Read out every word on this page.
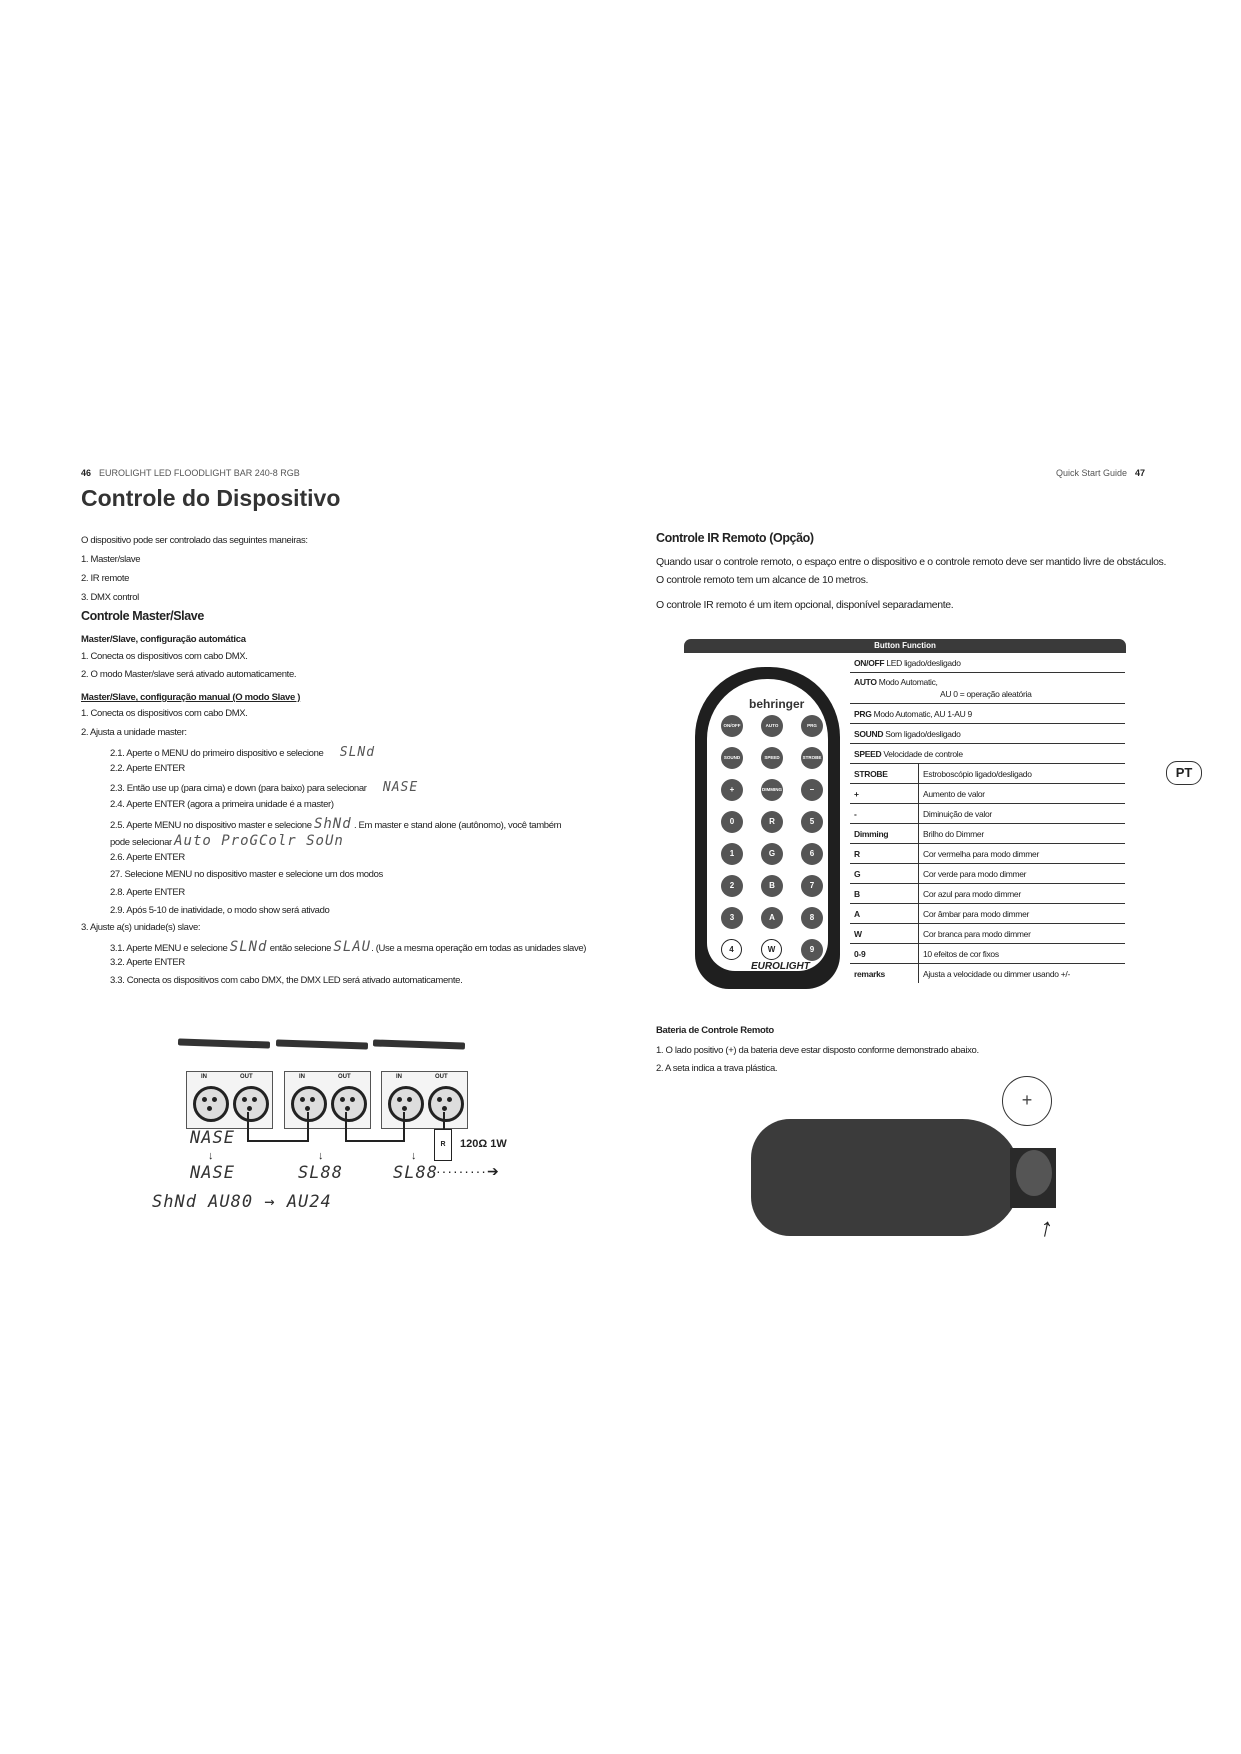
46 EUROLIGHT LED FLOODLIGHT BAR 240-8 RGB	Quick Start Guide 47
Controle do Dispositivo
O dispositivo pode ser controlado das seguintes maneiras:
1. Master/slave
2. IR remote
3. DMX control
Controle Master/Slave
Master/Slave, configuração automática
1. Conecta os dispositivos com cabo DMX.
2. O modo Master/slave será ativado automaticamente.
Master/Slave, configuração manual (O modo Slave )
1. Conecta os dispositivos com cabo DMX.
2. Ajusta a unidade master:
2.1. Aperte o MENU do primeiro dispositivo e selecione SLNd
2.2. Aperte ENTER
2.3. Então use up (para cima) e down (para baixo) para selecionar NASE
2.4. Aperte ENTER (agora a primeira unidade é a master)
2.5. Aperte MENU no dispositivo master e selecione ShNd . Em master e stand alone (autônomo), você também
pode selecionar Auto ProGColr SoUn
2.6. Aperte ENTER
27. Selecione MENU no dispositivo master e selecione um dos modos
2.8. Aperte ENTER
2.9. Após 5-10 de inatividade, o modo show será ativado
3. Ajuste a(s) unidade(s) slave:
3.1. Aperte MENU e selecione SLNd então selecione SLAU. (Use a mesma operação em todas as unidades slave)
3.2. Aperte ENTER
3.3. Conecta os dispositivos com cabo DMX, the DMX LED será ativado automaticamente.
IN	OUT	IN	OUT	IN	OUT
R	120Ω 1W
NASE
↓	↓	↓
NASE	SL88	SL88
·········➔
ShNd AU80 → AU24
Controle IR Remoto (Opção)
Quando usar o controle remoto, o espaço entre o dispositivo e o controle remoto deve ser mantido livre de obstáculos.
O controle remoto tem um alcance de 10 metros.
O controle IR remoto é um item opcional, disponível separadamente.
Button Function
ON/OFF LED ligado/desligado	
AUTO Modo Automatic,
AU 0 = operação aleatória	
PRG Modo Automatic, AU 1-AU 9	
SOUND Som ligado/desligado	
SPEED Velocidade de controle	
STROBE	Estroboscópio ligado/desligado
+	Aumento de valor
-	Diminuição de valor
Dimming	Brilho do Dimmer
R	Cor vermelha para modo dimmer
G	Cor verde para modo dimmer
B	Cor azul para modo dimmer
A	Cor âmbar para modo dimmer
W	Cor branca para modo dimmer
0-9	10 efeitos de cor fixos
remarks	Ajusta a velocidade ou dimmer usando +/-
behringer
ON/OFF	AUTO	PRG
SOUND	SPEED	STROBE
+	DIMMING	–
0	R	5
1	G	6
2	B	7
3	A	8
4	W	9
EUROLIGHT
PT
Bateria de Controle Remoto
1. O lado positivo (+) da bateria deve estar disposto conforme demonstrado abaixo.
2. A seta indica a trava plástica.
+
↑
